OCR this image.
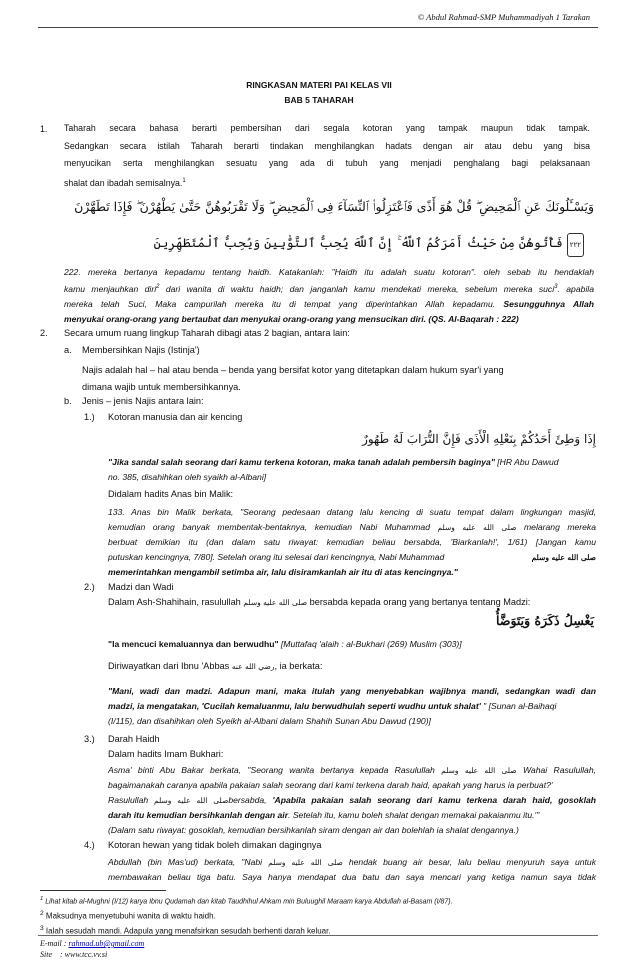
© Abdul Rahmad-SMP Muhammadiyah 1 Tarakan
RINGKASAN MATERI PAI KELAS VII
BAB 5 TAHARAH
1. Taharah secara bahasa berarti pembersihan dari segala kotoran yang tampak maupun tidak tampak.
Sedangkan secara istilah Taharah berarti tindakan menghilangkan hadats dengan air atau debu yang bisa
menyucikan serta menghilangkan sesuatu yang ada di tubuh yang menjadi penghalang bagi pelaksanaan
shalat dan ibadah semisalnya.$^1$
وَيَسْـَٔلُونَكَ عَنِ ٱلْمَحِيضِ ۖ قُلْ هُوَ أَذًى فَٱعْتَزِلُوا۟ ٱلنِّسَآءَ فِى ٱلْمَحِيضِ ۖ وَلَا تَقْرَبُوهُنَّ حَتَّىٰ يَطْهُرْنَ ۖ فَإِذَا تَطَهَّرْنَ
٢٢٢ فَأْتُوهُنَّ مِنْ حَيْثُ أَمَرَكُمُ ٱللَّهُ ۚ إِنَّ ٱللَّهَ يُحِبُّ ٱلتَّوَّٰبِينَ وَيُحِبُّ ٱلْمُتَطَهِّرِينَ
222. mereka bertanya kepadamu tentang haidh. Katakanlah: "Haidh itu adalah suatu kotoran". oleh sebab itu hendaklah
kamu menjauhkan diri$^2$ dari wanita di waktu haidh; dan janganlah kamu mendekati mereka, sebelum mereka suci$^3$. apabila
mereka telah Suci, Maka campurilah mereka itu di tempat yang diperintahkan Allah kepadamu. Sesungguhnya Allah
menyukai orang-orang yang bertaubat dan menyukai orang-orang yang mensucikan diri. (QS. Al-Baqarah : 222)
2. Secara umum ruang lingkup Taharah dibagi atas 2 bagian, antara lain:
a. Membersihkan Najis (Istinja')
Najis adalah hal – hal atau benda – benda yang bersifat kotor yang ditetapkan dalam hukum syar'i yang
dimana wajib untuk membersihkannya.
b. Jenis – jenis Najis antara lain:
1.) Kotoran manusia dan air kencing
إِذَا وَطِئَ أَحَدُكُمْ بِنَعْلِهِ الْأَذَى فَإِنَّ التُّرَابَ لَهُ طَهُورٌ
"Jika sandal salah seorang dari kamu terkena kotoran, maka tanah adalah pembersih baginya" [HR Abu Dawud
no. 385, disahihkan oleh syaikh al-Albani]
Didalam hadits Anas bin Malik:
133. Anas bin Malik berkata, "Seorang pedesaan datang lalu kencing di suatu tempat dalam lingkungan masjid,
kemudian orang banyak membentak-bentaknya, kemudian Nabi Muhammad صلى الله عليه وسلم melarang mereka
berbuat demikian itu (dan dalam satu riwayat: kemudian beliau bersabda, 'Biarkanlah!', 1/61) [Jangan kamu
putuskan kencingnya, 7/80]. Setelah orang itu selesai dari kencingnya, Nabi Muhammad	صلى الله عليه وسلم
memerintahkan mengambil setimba air, lalu disiramkanlah air itu di atas kencingnya."
2.) Madzi dan Wadi
Dalam Ash-Shahihain, rasulullah صلى الله عليه وسلم bersabda kepada orang yang bertanya tentang Madzi:
يَغْسِلُ ذَكَرَهُ وَيَتَوَضَّأُ
"Ia mencuci kemaluannya dan berwudhu" [Muttafaq 'alaih : al-Bukhari (269) Muslim (303)]
Diriwayatkan dari Ibnu 'Abbas رضي الله عنه, ia berkata:
"Mani, wadi dan madzi. Adapun mani, maka itulah yang menyebabkan wajibnya mandi, sedangkan wadi dan
madzi, ia mengatakan, 'Cucilah kemaluanmu, lalu berwudhulah seperti wudhu untuk shalat' " [Sunan al-Baihaqi
(I/115), dan disahihkan oleh Syeikh al-Albani dalam Shahih Sunan Abu Dawud (190)]
3.) Darah Haidh
Dalam hadits Imam Bukhari:
Asma' binti Abu Bakar berkata, "Seorang wanita bertanya kepada Rasulullah صلى الله عليه وسلم Wahai Rasulullah,
bagaimanakah caranya apabila pakaian salah seorang dari kami terkena darah haid, apakah yang harus ia perbuat?'
Rasulullah صلى الله عليه وسلمbersabda, 'Apabila pakaian salah seorang dari kamu terkena darah haid, gosoklah
darah itu kemudian bersihkanlah dengan air. Setelah itu, kamu boleh shalat dengan memakai pakaianmu itu.'"
(Dalam satu riwayat: gosoklah, kemudian bersihkanlah siram dengan air dan bolehlah ia shalat dengannya.)
4.) Kotoran hewan yang tidak boleh dimakan dagingnya
Abdullah (bin Mas'ud) berkata, "Nabi صلى الله عليه وسلم hendak buang air besar, lalu beliau menyuruh saya untuk
membawakan beliau tiga batu. Saya hanya mendapat dua batu dan saya mencari yang ketiga namun saya tidak
$^1$ Lihat kitab al-Mughni (I/12) karya Ibnu Qudamah dan kitab Taudhihul Ahkam min Buluughil Maraam karya Abdullah al-Basam (I/87).
$^2$ Maksudnya menyetubuhi wanita di waktu haidh.
$^3$ Ialah sesudah mandi. Adapula yang menafsirkan sesudah berhenti darah keluar.
E-mail : rahmad.ub@gmail.com
Site    : www.tcc.vv.si
